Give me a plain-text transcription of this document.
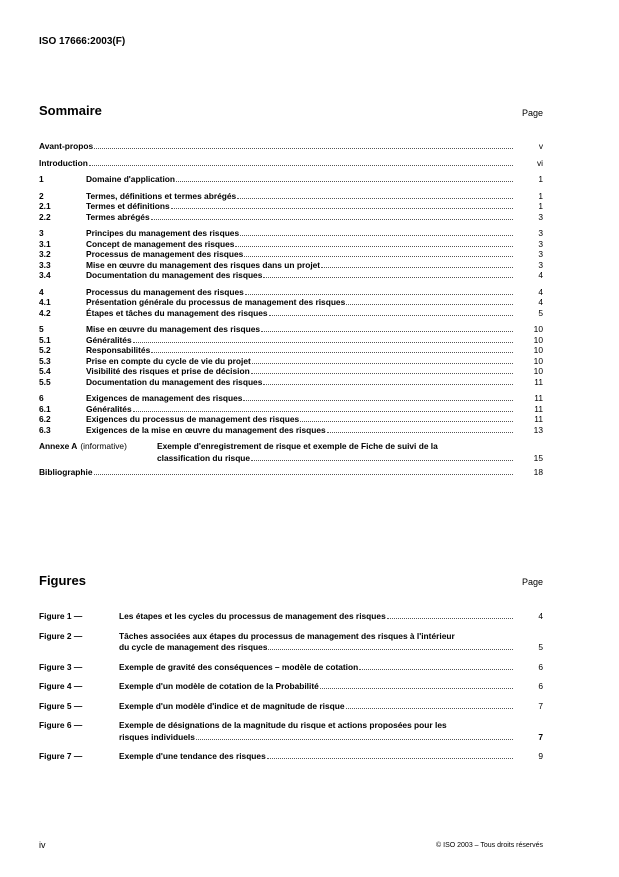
ISO 17666:2003(F)
Sommaire	Page
Avant-propos	v
Introduction	vi
1	Domaine d'application	1
2	Termes, définitions et termes abrégés	1
2.1	Termes et définitions	1
2.2	Termes abrégés	3
3	Principes du management des risques	3
3.1	Concept de management des risques	3
3.2	Processus de management des risques	3
3.3	Mise en œuvre du management des risques dans un projet	3
3.4	Documentation du management des risques	4
4	Processus du management des risques	4
4.1	Présentation générale du processus de management des risques	4
4.2	Étapes et tâches du management des risques	5
5	Mise en œuvre du management des risques	10
5.1	Généralités	10
5.2	Responsabilités	10
5.3	Prise en compte du cycle de vie du projet	10
5.4	Visibilité des risques et prise de décision	10
5.5	Documentation du management des risques	11
6	Exigences de management des risques	11
6.1	Généralités	11
6.2	Exigences du processus de management des risques	11
6.3	Exigences de la mise en œuvre du management des risques	13
Annexe A (informative)	Exemple d'enregistrement de risque et exemple de Fiche de suivi de la
classification du risque	15
Bibliographie	18
Figures	Page
Figure 1 —	Les étapes et les cycles du processus de management des risques	4
Figure 2 —	Tâches associées aux étapes du processus de management des risques à l'intérieur
du cycle de management des risques	5
Figure 3 —	Exemple de gravité des conséquences – modèle de cotation	6
Figure 4 —	Exemple d'un modèle de cotation de la Probabilité	6
Figure 5 —	Exemple d'un modèle d'indice et de magnitude de risque	7
Figure 6 —	Exemple de désignations de la magnitude du risque et actions proposées pour les
risques individuels	7
Figure 7 —	Exemple d'une tendance des risques	9
iv	© ISO 2003 – Tous droits réservés
